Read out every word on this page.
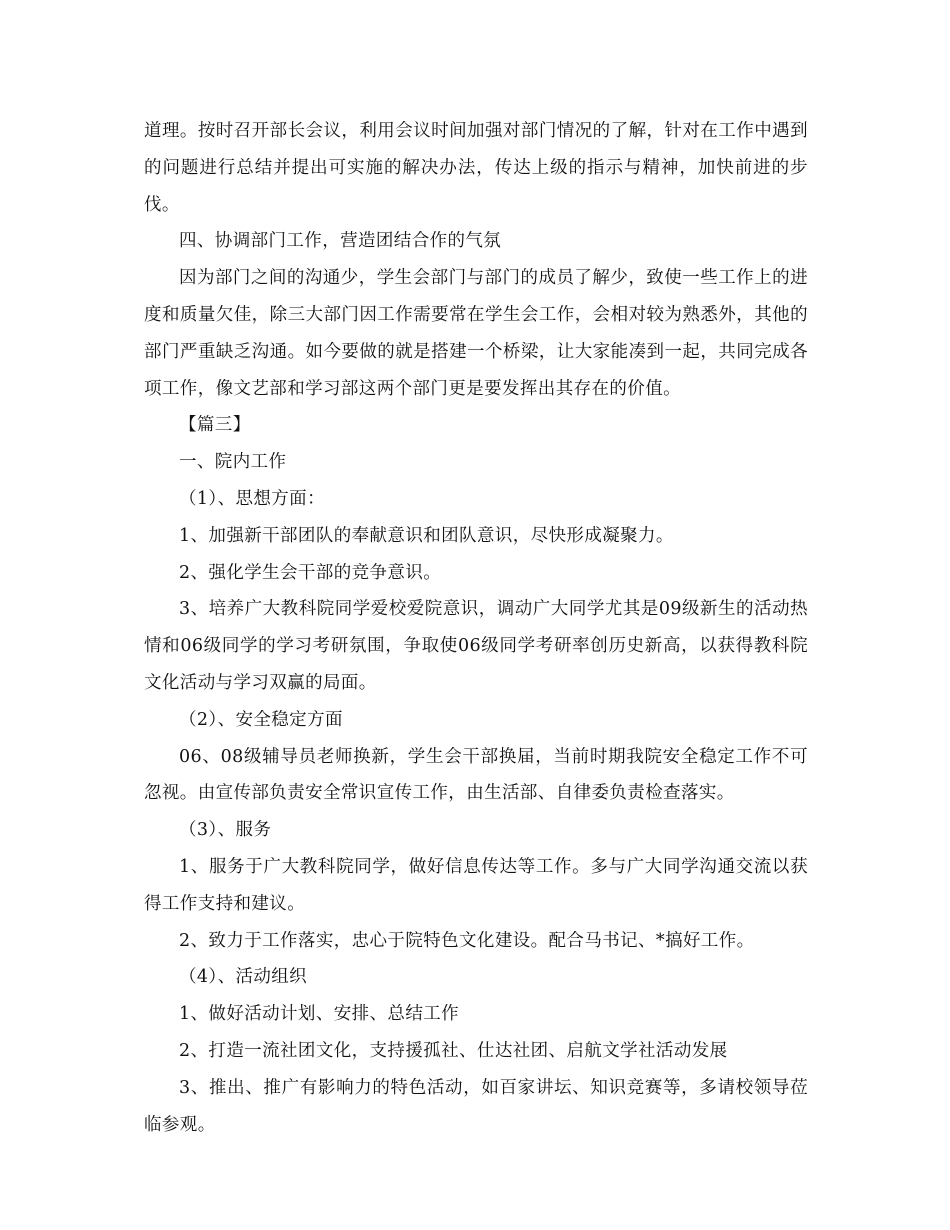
道理。按时召开部长会议，利用会议时间加强对部门情况的了解，针对在工作中遇到的问题进行总结并提出可实施的解决办法，传达上级的指示与精神，加快前进的步伐。

四、协调部门工作，营造团结合作的气氛

因为部门之间的沟通少，学生会部门与部门的成员了解少，致使一些工作上的进度和质量欠佳，除三大部门因工作需要常在学生会工作，会相对较为熟悉外，其他的部门严重缺乏沟通。如今要做的就是搭建一个桥梁，让大家能凑到一起，共同完成各项工作，像文艺部和学习部这两个部门更是要发挥出其存在的价值。

【篇三】

一、院内工作

（1）、思想方面：

1、加强新干部团队的奉献意识和团队意识，尽快形成凝聚力。

2、强化学生会干部的竞争意识。

3、培养广大教科院同学爱校爱院意识，调动广大同学尤其是09级新生的活动热情和06级同学的学习考研氛围，争取使06级同学考研率创历史新高，以获得教科院文化活动与学习双赢的局面。

（2）、安全稳定方面

06、08级辅导员老师换新，学生会干部换届，当前时期我院安全稳定工作不可忽视。由宣传部负责安全常识宣传工作，由生活部、自律委负责检查落实。

（3）、服务

1、服务于广大教科院同学，做好信息传达等工作。多与广大同学沟通交流以获得工作支持和建议。

2、致力于工作落实，忠心于院特色文化建设。配合马书记、*搞好工作。

（4）、活动组织

1、做好活动计划、安排、总结工作

2、打造一流社团文化，支持援孤社、仕达社团、启航文学社活动发展

3、推出、推广有影响力的特色活动，如百家讲坛、知识竞赛等，多请校领导莅临参观。
